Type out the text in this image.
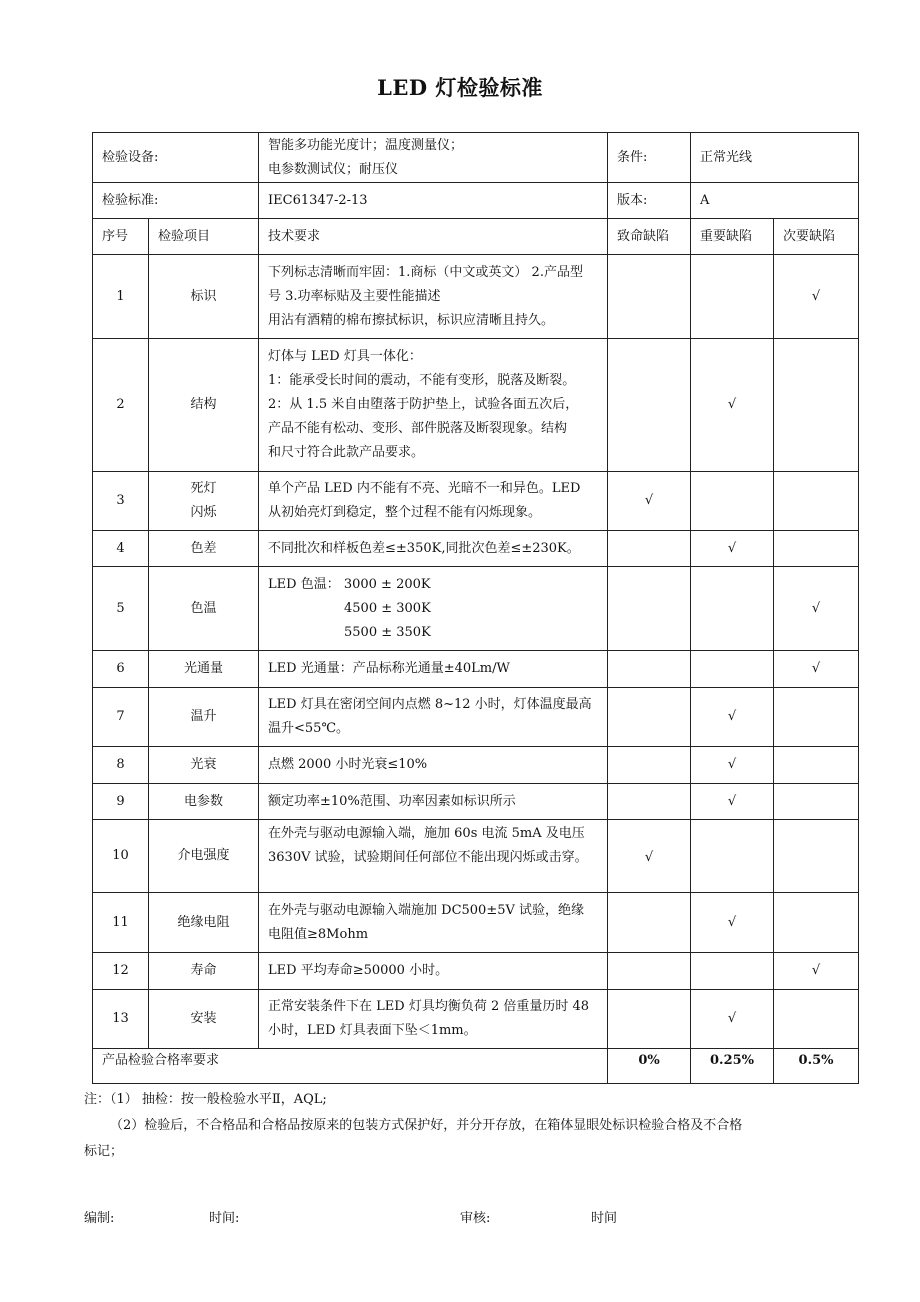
LED 灯检验标准
检验设备:		智能多功能光度计；温度测量仪；
电参数测试仪；耐压仪	条件:	正常光线	
检验标准:		IEC61347-2-13	版本:	A	
序号	检验项目	技术要求	致命缺陷	重要缺陷	次要缺陷
1	标识	下列标志清晰而牢固：1.商标（中文或英文） 2.产品型
号 3.功率标贴及主要性能描述
用沾有酒精的棉布擦拭标识，标识应清晰且持久。			√
2	结构	灯体与 LED 灯具一体化：
1：能承受长时间的震动，不能有变形，脱落及断裂。
2：从 1.5 米自由堕落于防护垫上，试验各面五次后，
产品不能有松动、变形、部件脱落及断裂现象。结构
和尺寸符合此款产品要求。		√	
3	死灯
闪烁	单个产品 LED 内不能有不亮、光暗不一和异色。LED
从初始亮灯到稳定，整个过程不能有闪烁现象。	√		
4	色差	不同批次和样板色差≤±350K,同批次色差≤±230K。		√	
5	色温	LED 色温： 3000 ± 200K
4500 ± 300K
5500 ± 350K			√
6	光通量	LED 光通量：产品标称光通量±40Lm/W			√
7	温升	LED 灯具在密闭空间内点燃 8~12 小时，灯体温度最高
温升<55℃。		√	
8	光衰	点燃 2000 小时光衰≤10%		√	
9	电参数	额定功率±10%范围、功率因素如标识所示		√	
10	介电强度	在外壳与驱动电源输入端，施加 60s 电流 5mA 及电压
3630V 试验，试验期间任何部位不能出现闪烁或击穿。	√		
11	绝缘电阻	在外壳与驱动电源输入端施加 DC500±5V 试验，绝缘
电阻值≥8Mohm		√	
12	寿命	LED 平均寿命≥50000 小时。			√
13	安装	正常安装条件下在 LED 灯具均衡负荷 2 倍重量历时 48
小时，LED 灯具表面下坠＜1mm。		√	
产品检验合格率要求			0%	0.25%	0.5%
注：（1） 抽检：按一般检验水平Ⅱ，AQL;
（2）检验后，不合格品和合格品按原来的包装方式保护好，并分开存放，在箱体显眼处标识检验合格及不合格
标记；
编制:	时间:	审核:	时间
